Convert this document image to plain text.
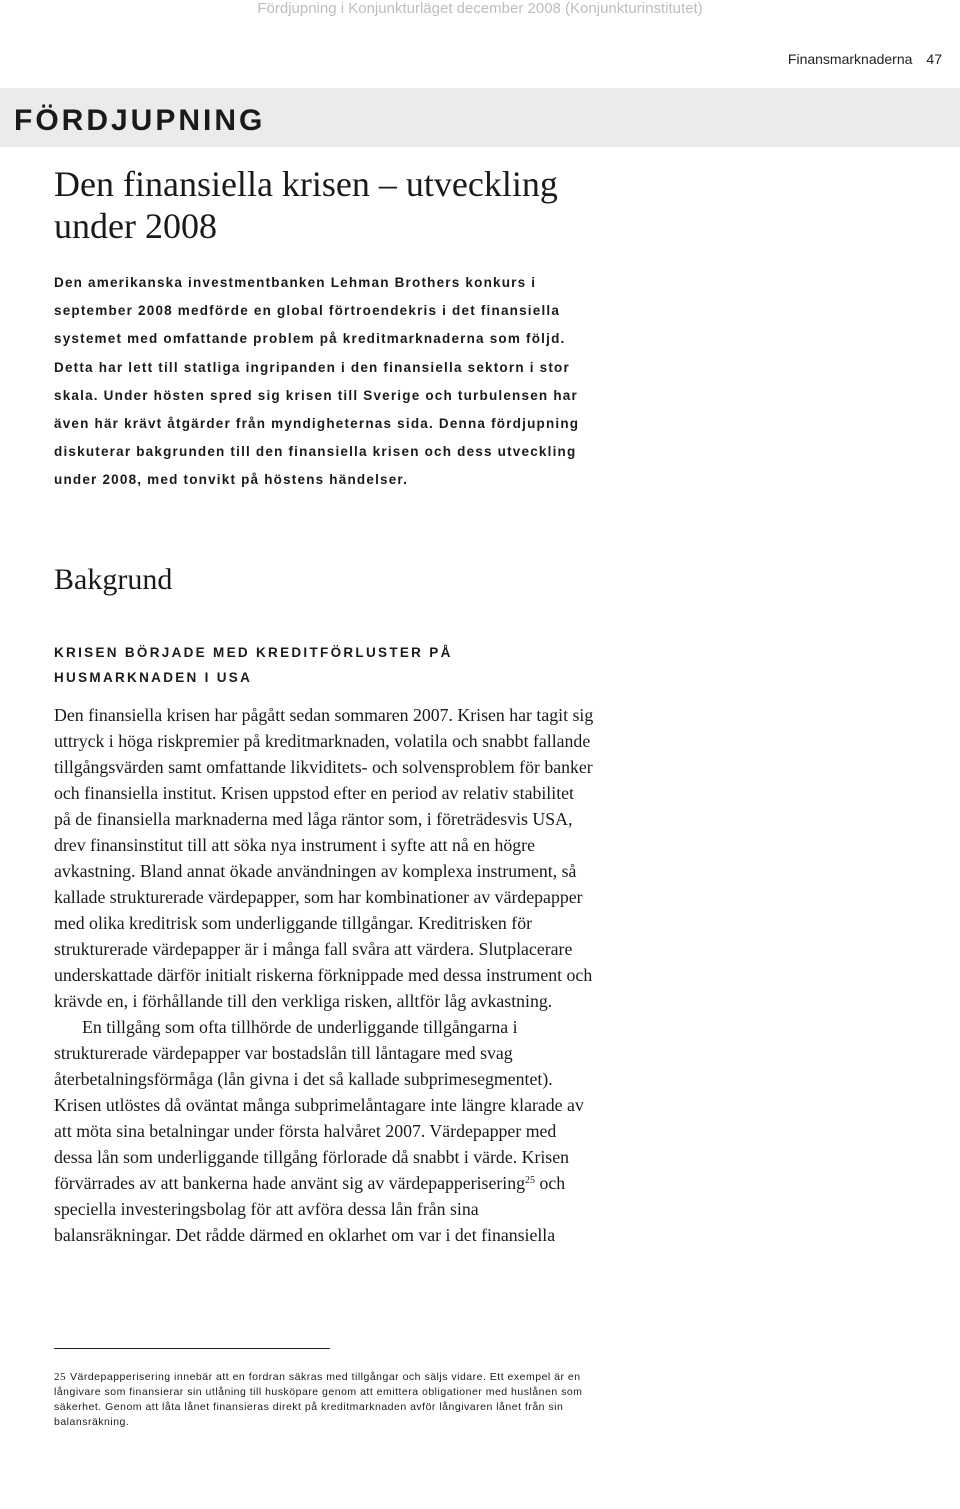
Fördjupning i Konjunkturläget december 2008 (Konjunkturinstitutet)
Finansmarknaderna 47
FÖRDJUPNING
Den finansiella krisen – utveckling under 2008

Den amerikanska investmentbanken Lehman Brothers konkurs i september 2008 medförde en global förtroendekris i det finansiella systemet med omfattande problem på kreditmarknaderna som följd. Detta har lett till statliga ingripanden i den finansiella sektorn i stor skala. Under hösten spred sig krisen till Sverige och turbulensen har även här krävt åtgärder från myndigheternas sida. Denna fördjupning diskuterar bakgrunden till den finansiella krisen och dess utveckling under 2008, med tonvikt på höstens händelser.

Bakgrund
KRISEN BÖRJADE MED KREDITFÖRLUSTER PÅ HUSMARKNADEN I USA

Den finansiella krisen har pågått sedan sommaren 2007. Krisen har tagit sig uttryck i höga riskpremier på kreditmarknaden, volatila och snabbt fallande tillgångsvärden samt omfattande likviditets- och solvensproblem för banker och finansiella institut. Krisen uppstod efter en period av relativ stabilitet på de finansiella marknaderna med låga räntor som, i företrädesvis USA, drev finansinstitut till att söka nya instrument i syfte att nå en högre avkastning. Bland annat ökade användningen av komplexa instrument, så kallade strukturerade värdepapper, som har kombinationer av värdepapper med olika kreditrisk som underliggande tillgångar. Kreditrisken för strukturerade värdepapper är i många fall svåra att värdera. Slutplacerare underskattade därför initialt riskerna förknippade med dessa instrument och krävde en, i förhållande till den verkliga risken, alltför låg avkastning.

En tillgång som ofta tillhörde de underliggande tillgångarna i strukturerade värdepapper var bostadslån till låntagare med svag återbetalningsförmåga (lån givna i det så kallade subprimesegmentet). Krisen utlöstes då oväntat många subprimelåntagare inte längre klarade av att möta sina betalningar under första halvåret 2007. Värdepapper med dessa lån som underliggande tillgång förlorade då snabbt i värde. Krisen förvärrades av att bankerna hade använt sig av värdepapperisering$^{25}$ och speciella investeringsbolag för att avföra dessa lån från sina balansräkningar. Det rådde därmed en oklarhet om var i det finansiella

25 Värdepapperisering innebär att en fordran säkras med tillgångar och säljs vidare. Ett exempel är en långivare som finansierar sin utlåning till husköpare genom att emittera obligationer med huslånen som säkerhet. Genom att låta lånet finansieras direkt på kreditmarknaden avför långivaren lånet från sin balansräkning.
